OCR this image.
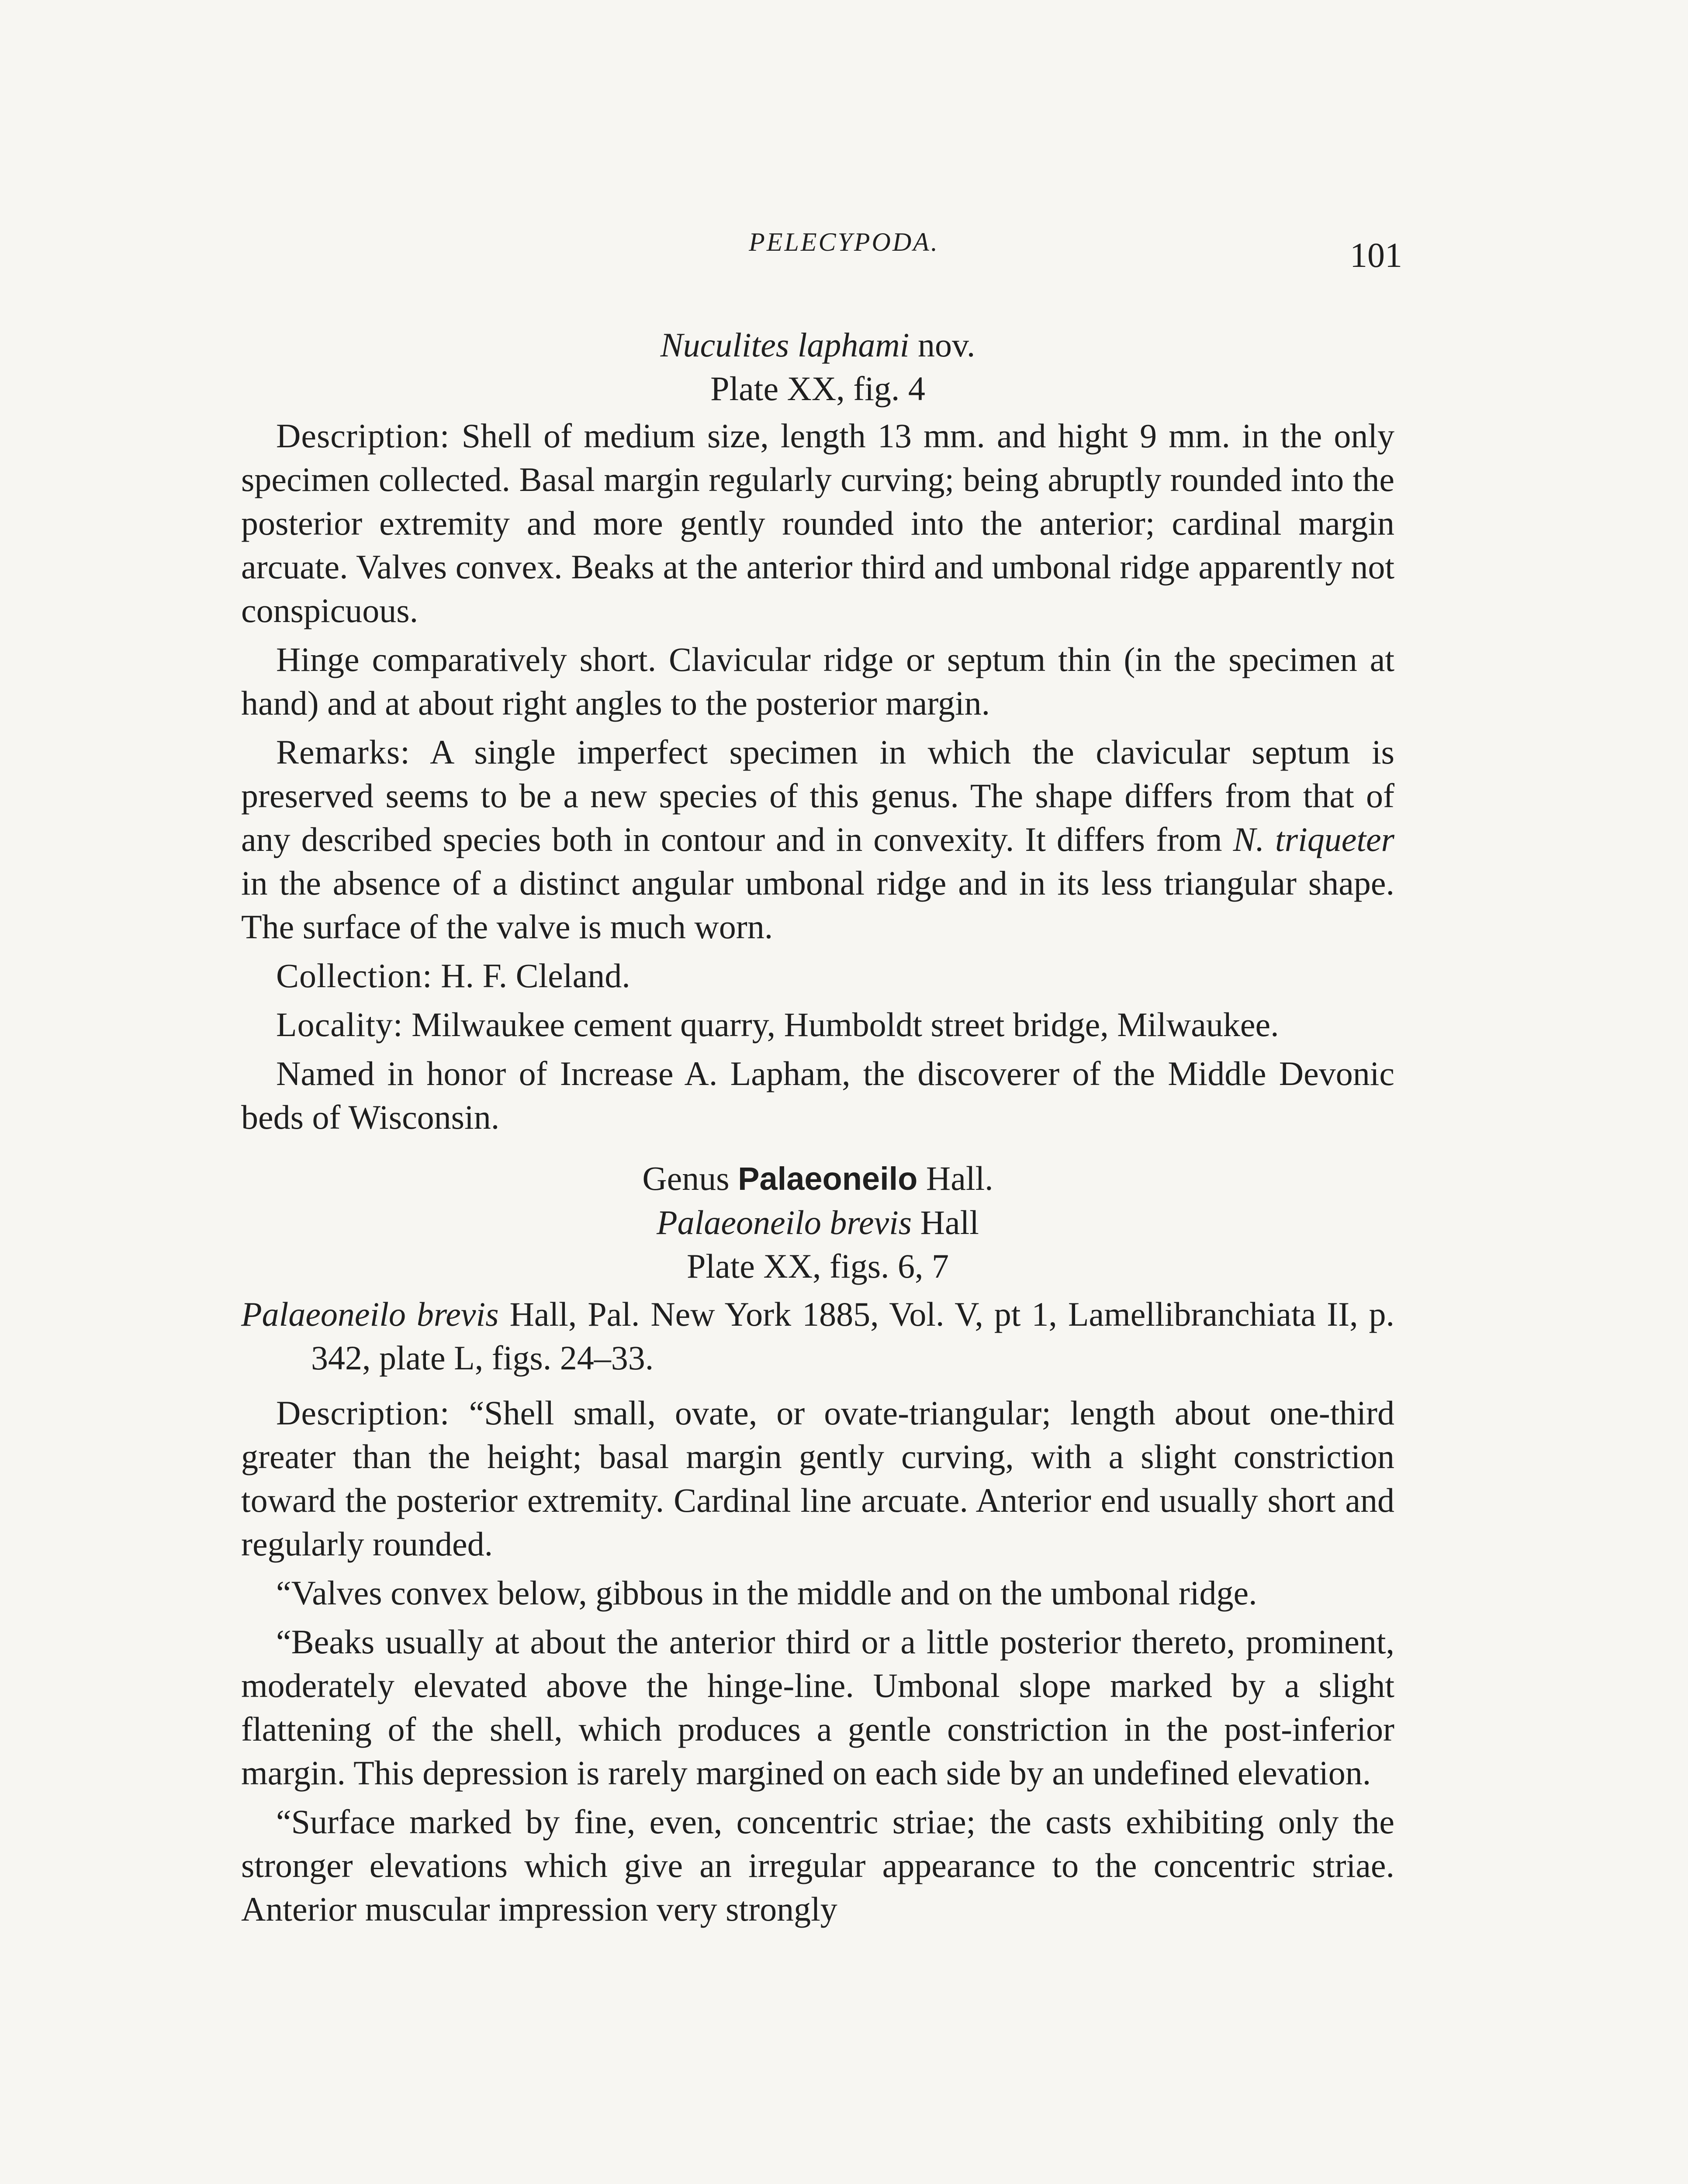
PELECYPODA.	101

Nuculites laphami nov.

Plate XX, fig. 4

Description: Shell of medium size, length 13 mm. and hight 9 mm. in the only specimen collected. Basal margin regularly curving; being abruptly rounded into the posterior extremity and more gently rounded into the anterior; cardinal margin arcuate. Valves convex. Beaks at the anterior third and umbonal ridge apparently not conspicuous.

Hinge comparatively short. Clavicular ridge or septum thin (in the specimen at hand) and at about right angles to the posterior margin.

Remarks: A single imperfect specimen in which the clavicular septum is preserved seems to be a new species of this genus. The shape differs from that of any described species both in contour and in convexity. It differs from N. triqueter in the absence of a distinct angular umbonal ridge and in its less triangular shape. The surface of the valve is much worn.

Collection: H. F. Cleland.

Locality: Milwaukee cement quarry, Humboldt street bridge, Milwaukee.

Named in honor of Increase A. Lapham, the discoverer of the Middle Devonic beds of Wisconsin.

Genus Palaeoneilo Hall.

Palaeoneilo brevis Hall

Plate XX, figs. 6, 7

Palaeoneilo brevis Hall, Pal. New York 1885, Vol. V, pt 1, Lamellibranchiata II, p. 342, plate L, figs. 24–33.

Description: “Shell small, ovate, or ovate-triangular; length about one-third greater than the height; basal margin gently curving, with a slight constriction toward the posterior extremity. Cardinal line arcuate. Anterior end usually short and regularly rounded.

“Valves convex below, gibbous in the middle and on the umbonal ridge.

“Beaks usually at about the anterior third or a little posterior thereto, prominent, moderately elevated above the hinge-line. Umbonal slope marked by a slight flattening of the shell, which produces a gentle constriction in the post-inferior margin. This depression is rarely margined on each side by an undefined elevation.

“Surface marked by fine, even, concentric striae; the casts exhibiting only the stronger elevations which give an irregular appearance to the concentric striae. Anterior muscular impression very strongly
